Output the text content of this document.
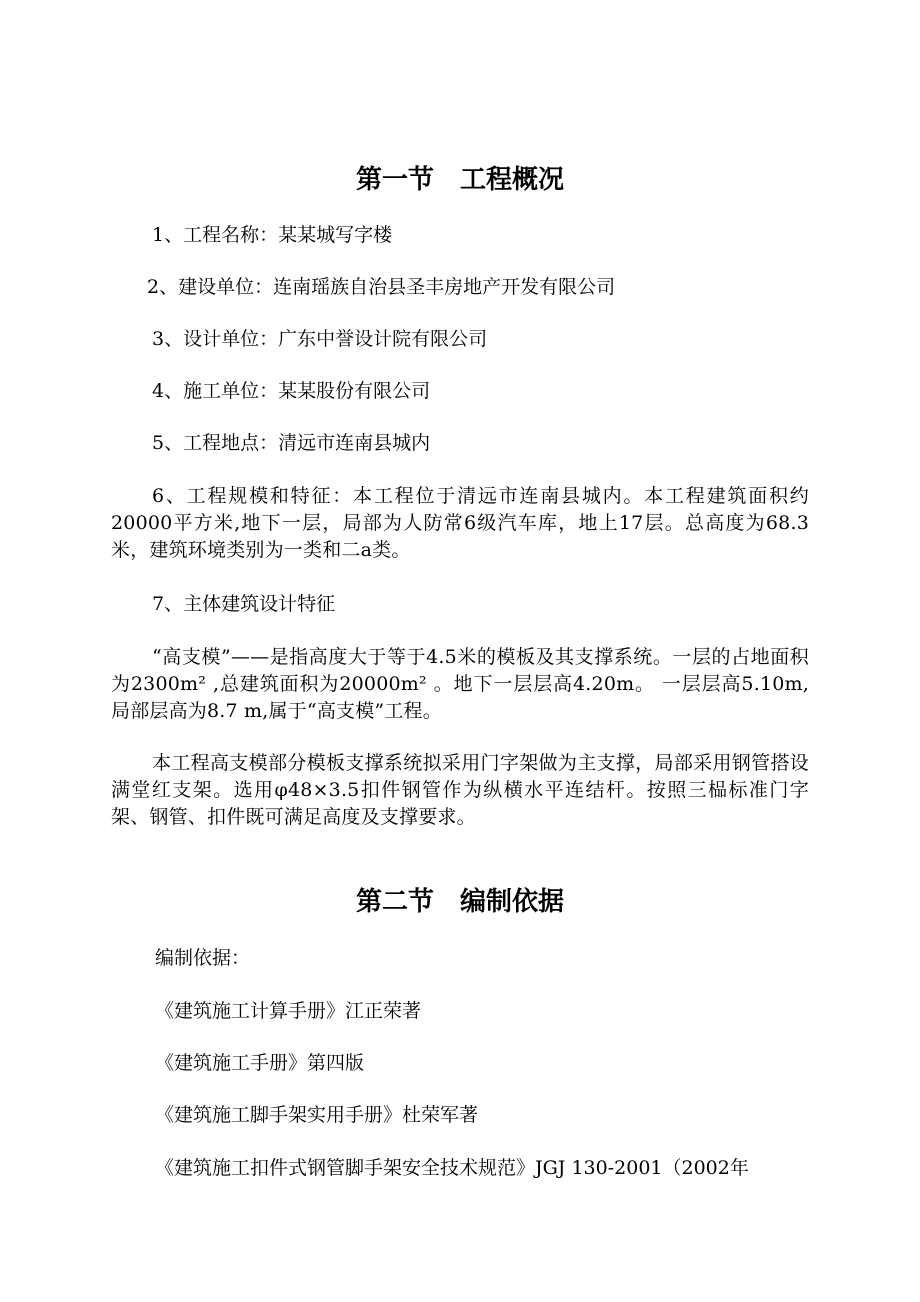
第一节　工程概况
1、工程名称：某某城写字楼
2、建设单位：连南瑶族自治县圣丰房地产开发有限公司
3、设计单位：广东中誉设计院有限公司
4、施工单位：某某股份有限公司
5、工程地点：清远市连南县城内
6、工程规模和特征：本工程位于清远市连南县城内。本工程建筑面积约20000平方米,地下一层，局部为人防常6级汽车库，地上17层。总高度为68.3米，建筑环境类别为一类和二a类。
7、主体建筑设计特征
“高支模”——是指高度大于等于4.5米的模板及其支撑系统。一层的占地面积为2300m² ,总建筑面积为20000m² 。地下一层层高4.20m。 一层层高5.10m,局部层高为8.7 m,属于“高支模”工程。
本工程高支模部分模板支撑系统拟采用门字架做为主支撑，局部采用钢管搭设满堂红支架。选用φ48×3.5扣件钢管作为纵横水平连结杆。按照三榀标准门字架、钢管、扣件既可满足高度及支撑要求。
第二节　编制依据
编制依据：
《建筑施工计算手册》江正荣著
《建筑施工手册》第四版
《建筑施工脚手架实用手册》杜荣军著
《建筑施工扣件式钢管脚手架安全技术规范》JGJ 130-2001（2002年
